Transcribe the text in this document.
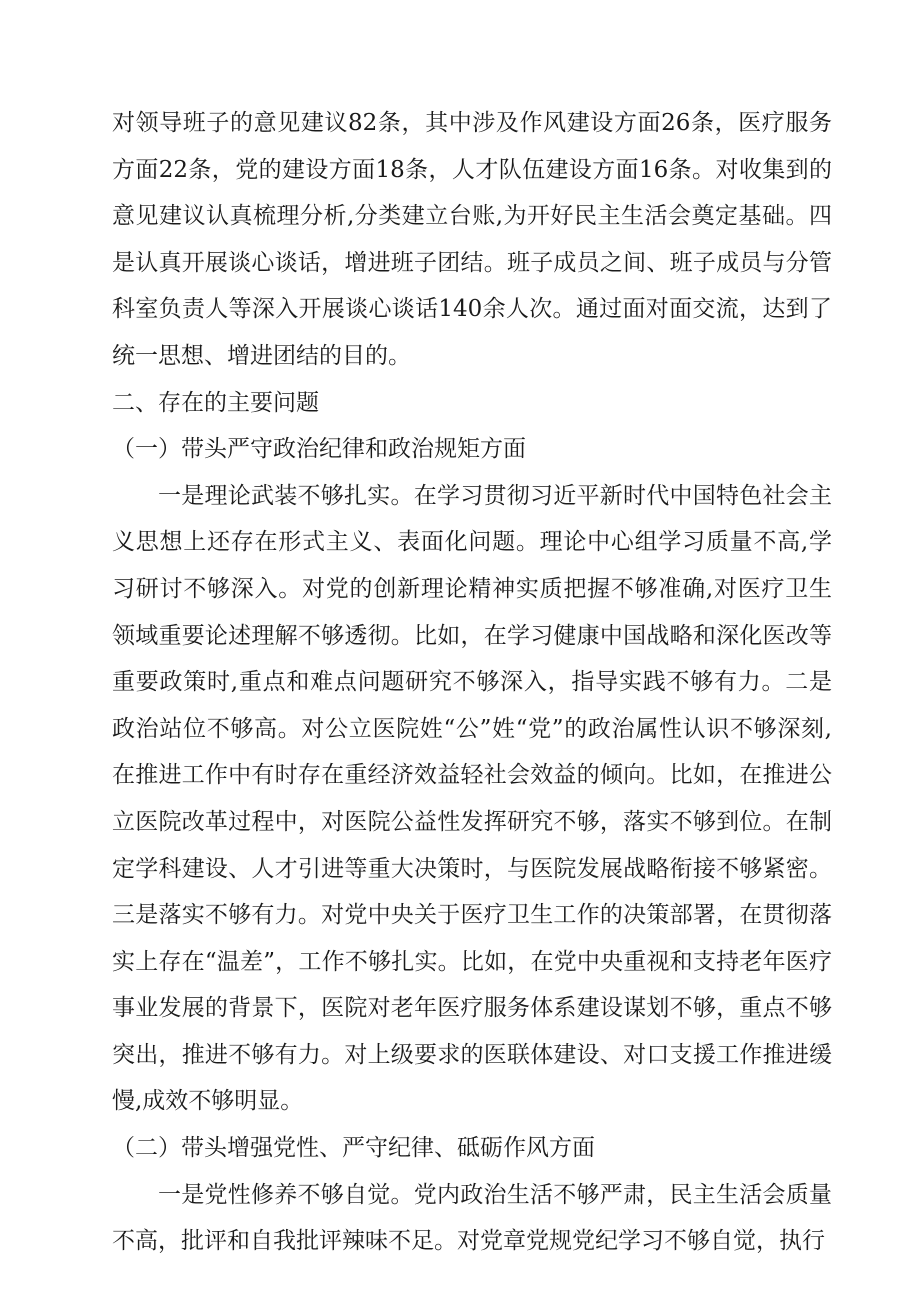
对领导班子的意见建议82条，其中涉及作风建设方面26条，医疗服务方面22条，党的建设方面18条，人才队伍建设方面16条。对收集到的意见建议认真梳理分析,分类建立台账,为开好民主生活会奠定基础。四是认真开展谈心谈话，增进班子团结。班子成员之间、班子成员与分管科室负责人等深入开展谈心谈话140余人次。通过面对面交流，达到了统一思想、增进团结的目的。

二、存在的主要问题

（一）带头严守政治纪律和政治规矩方面

一是理论武装不够扎实。在学习贯彻习近平新时代中国特色社会主义思想上还存在形式主义、表面化问题。理论中心组学习质量不高,学习研讨不够深入。对党的创新理论精神实质把握不够准确,对医疗卫生领域重要论述理解不够透彻。比如，在学习健康中国战略和深化医改等重要政策时,重点和难点问题研究不够深入，指导实践不够有力。二是政治站位不够高。对公立医院姓“公”姓“党”的政治属性认识不够深刻,在推进工作中有时存在重经济效益轻社会效益的倾向。比如，在推进公立医院改革过程中，对医院公益性发挥研究不够，落实不够到位。在制定学科建设、人才引进等重大决策时，与医院发展战略衔接不够紧密。三是落实不够有力。对党中央关于医疗卫生工作的决策部署，在贯彻落实上存在“温差”，工作不够扎实。比如，在党中央重视和支持老年医疗事业发展的背景下，医院对老年医疗服务体系建设谋划不够，重点不够突出，推进不够有力。对上级要求的医联体建设、对口支援工作推进缓慢,成效不够明显。

（二）带头增强党性、严守纪律、砥砺作风方面

一是党性修养不够自觉。党内政治生活不够严肃，民主生活会质量不高，批评和自我批评辣味不足。对党章党规党纪学习不够自觉，执行
